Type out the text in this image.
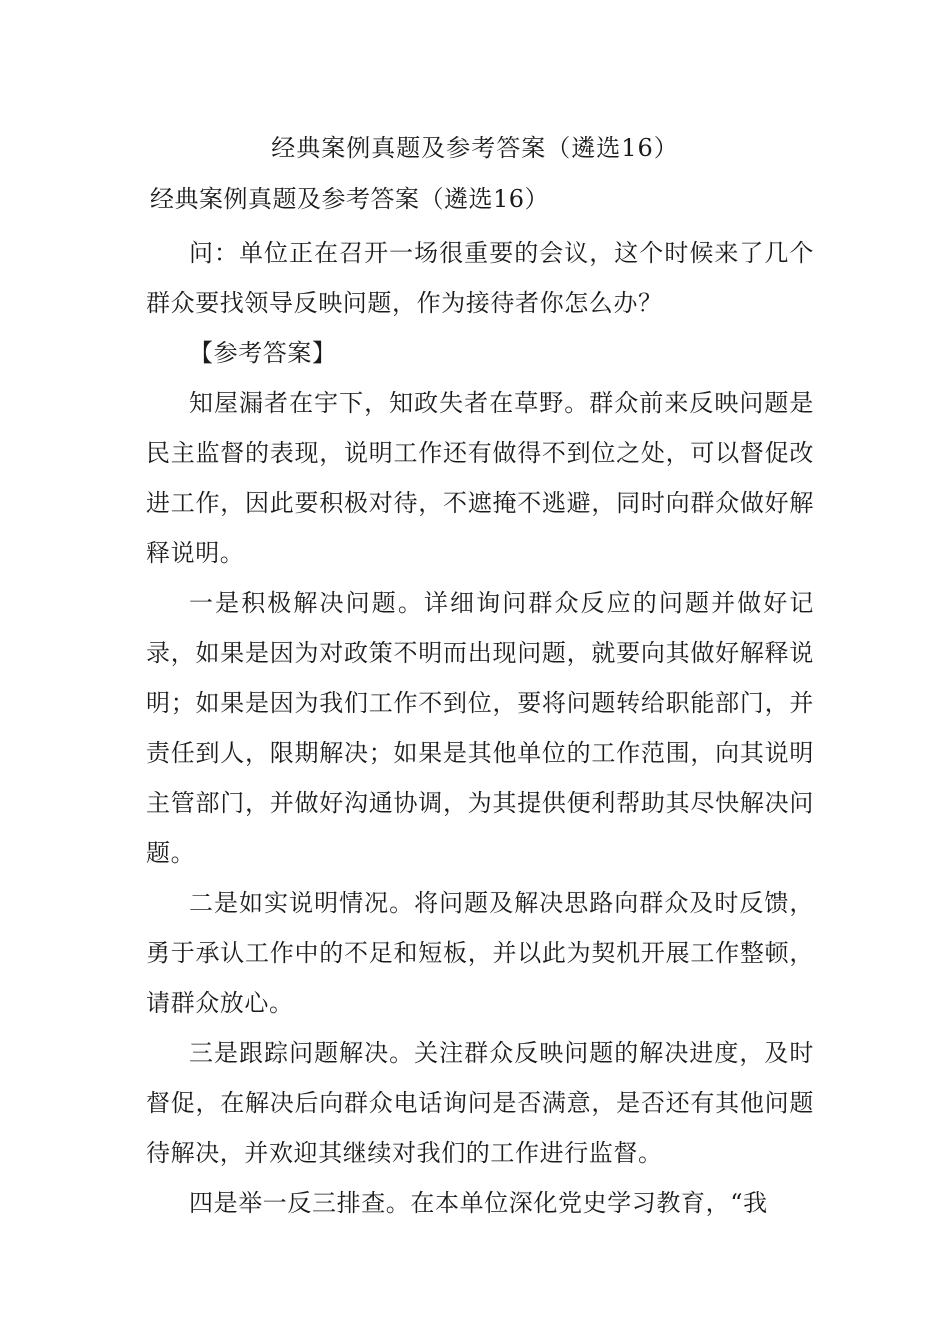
经典案例真题及参考答案（遴选16）
经典案例真题及参考答案（遴选16）

问：单位正在召开一场很重要的会议，这个时候来了几个群众要找领导反映问题，作为接待者你怎么办？

【参考答案】

知屋漏者在宇下，知政失者在草野。群众前来反映问题是民主监督的表现，说明工作还有做得不到位之处，可以督促改进工作，因此要积极对待，不遮掩不逃避，同时向群众做好解释说明。

一是积极解决问题。详细询问群众反应的问题并做好记录，如果是因为对政策不明而出现问题，就要向其做好解释说明；如果是因为我们工作不到位，要将问题转给职能部门，并责任到人，限期解决；如果是其他单位的工作范围，向其说明主管部门，并做好沟通协调，为其提供便利帮助其尽快解决问题。

二是如实说明情况。将问题及解决思路向群众及时反馈，勇于承认工作中的不足和短板，并以此为契机开展工作整顿，请群众放心。

三是跟踪问题解决。关注群众反映问题的解决进度，及时督促，在解决后向群众电话询问是否满意，是否还有其他问题待解决，并欢迎其继续对我们的工作进行监督。

四是举一反三排查。在本单位深化党史学习教育，“我
